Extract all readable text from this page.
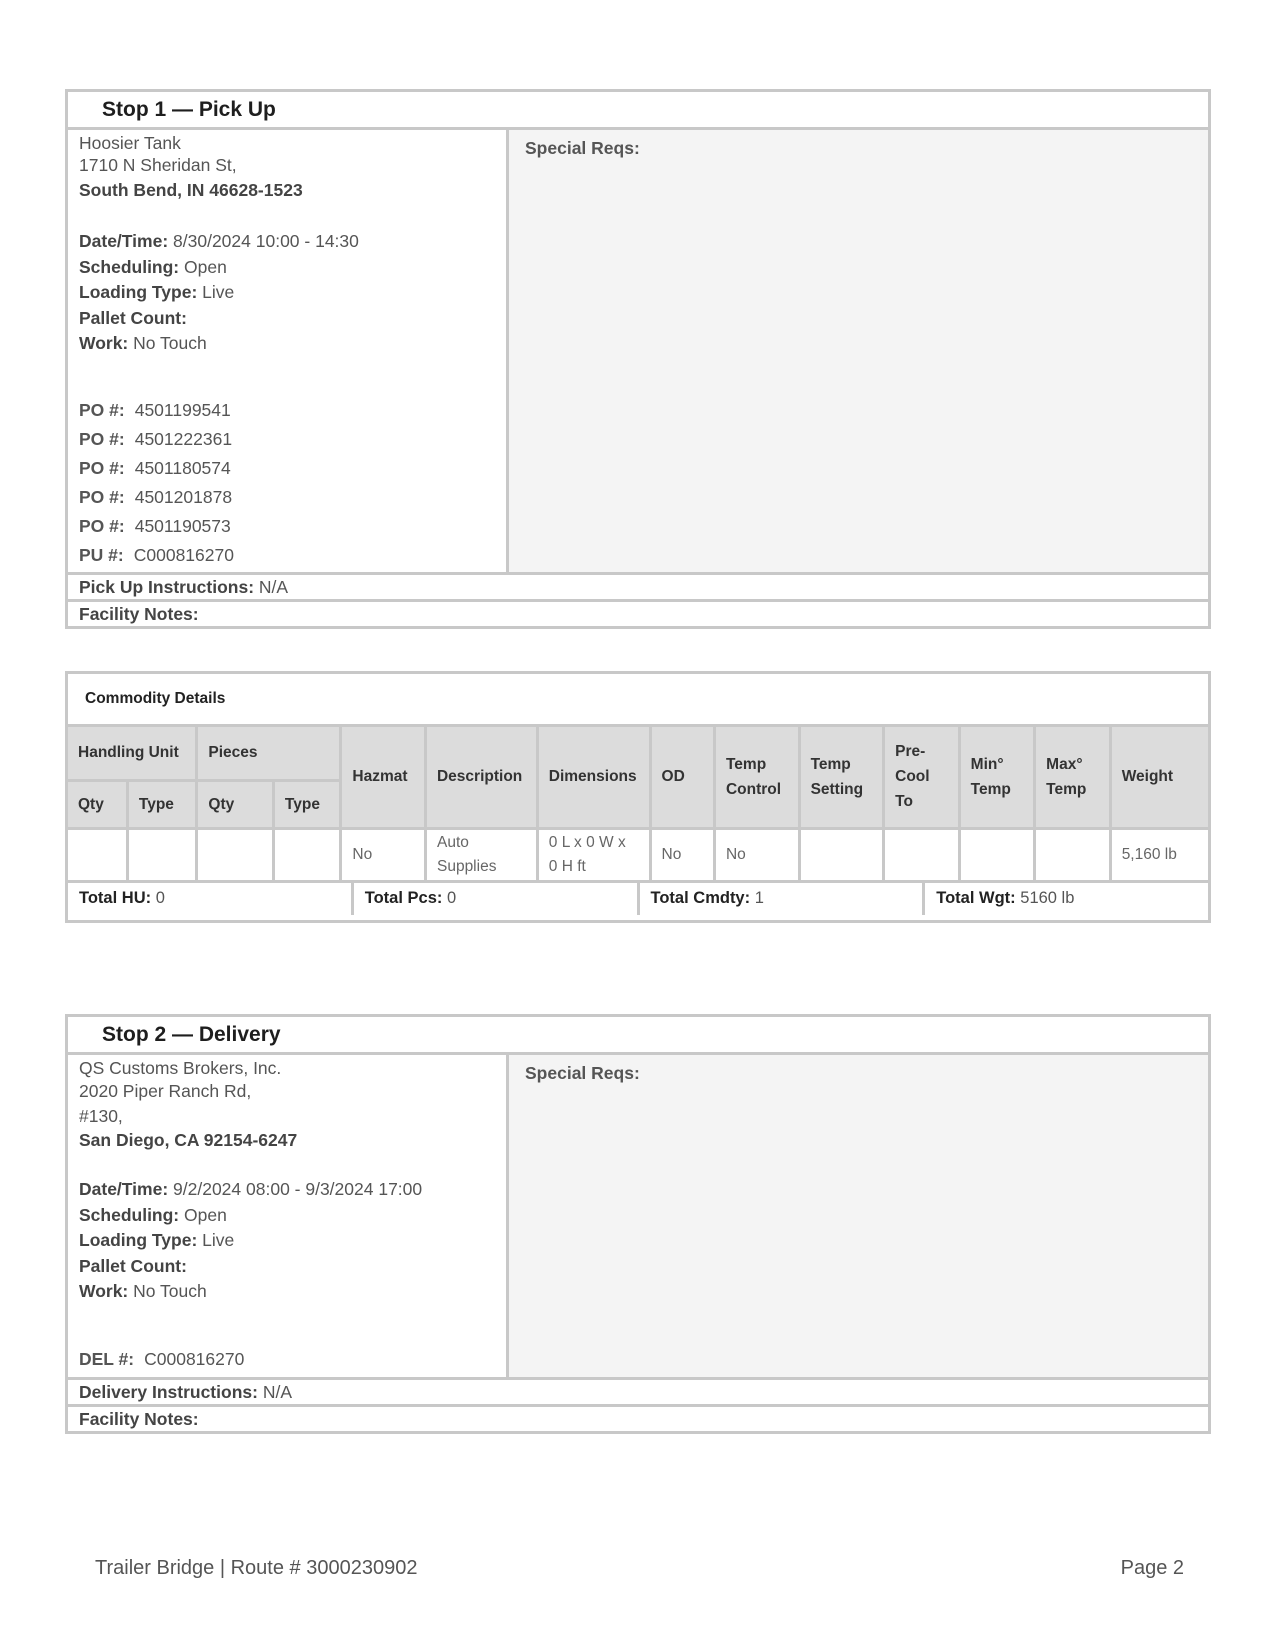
Stop 1 — Pick Up
Hoosier Tank
1710 N Sheridan St,
South Bend, IN 46628-1523
Date/Time: 8/30/2024 10:00 - 14:30
Scheduling: Open
Loading Type: Live
Pallet Count:
Work: No Touch
PO #: 4501199541
PO #: 4501222361
PO #: 4501180574
PO #: 4501201878
PO #: 4501190573
PU #: C000816270
Special Reqs:
Pick Up Instructions: N/A
Facility Notes:
Commodity Details
Handling Unit		Pieces		Hazmat	Description	Dimensions	OD	Temp Control	Temp Setting	Pre-Cool To	Min° Temp	Max° Temp	Weight
Qty	Type	Qty	Type										
				No	Auto Supplies	0 L x 0 W x 0 H ft	No	No					5,160 lb
Total HU: 0	Total Pcs: 0	Total Cmdty: 1	Total Wgt: 5160 lb
Stop 2 — Delivery
QS Customs Brokers, Inc.
2020 Piper Ranch Rd,
#130,
San Diego, CA 92154-6247
Date/Time: 9/2/2024 08:00 - 9/3/2024 17:00
Scheduling: Open
Loading Type: Live
Pallet Count:
Work: No Touch
DEL #: C000816270
Special Reqs:
Delivery Instructions: N/A
Facility Notes:
Trailer Bridge | Route # 3000230902	Page 2
